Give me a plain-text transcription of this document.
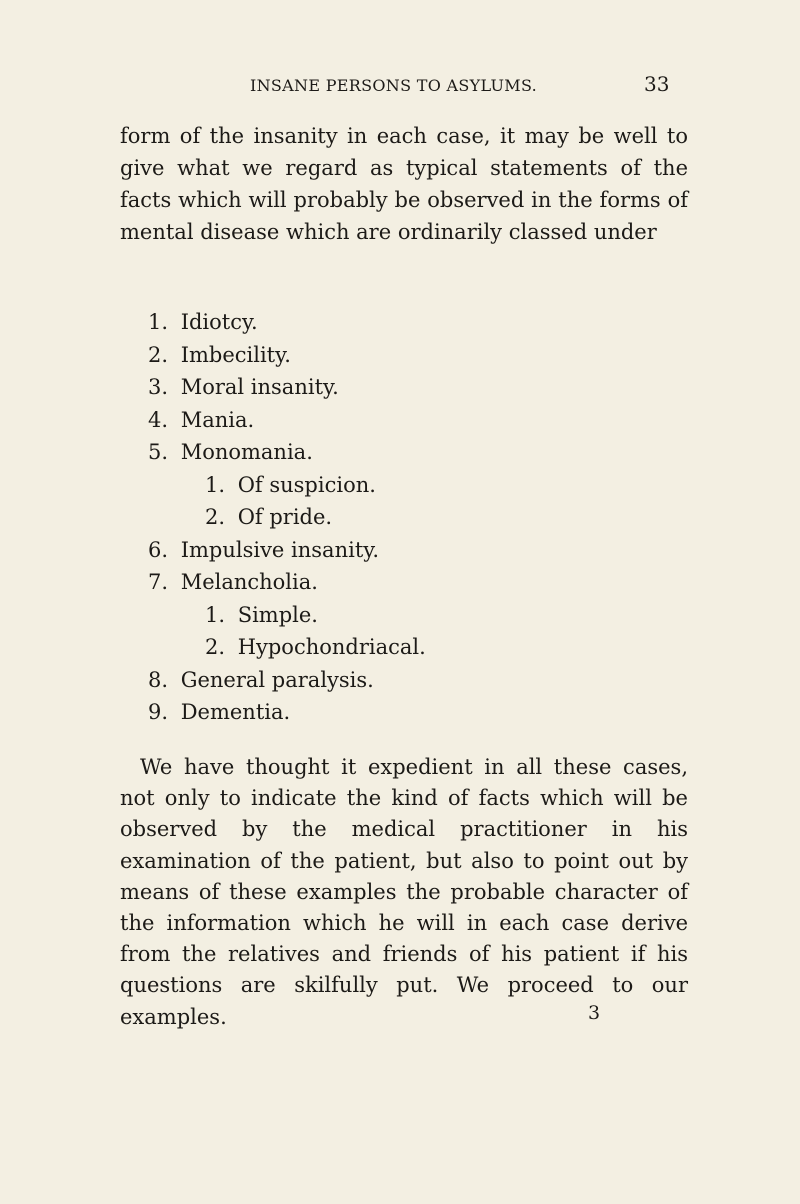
INSANE PERSONS TO ASYLUMS.	33

form of the insanity in each case, it may be well to give what we regard as typical statements of the facts which will probably be observed in the forms of mental disease which are ordinarily classed under

1. Idiotcy.
2. Imbecility.
3. Moral insanity.
4. Mania.
5. Monomania.
1. Of suspicion.
2. Of pride.
6. Impulsive insanity.
7. Melancholia.
1. Simple.
2. Hypochondriacal.
8. General paralysis.
9. Dementia.

We have thought it expedient in all these cases, not only to indicate the kind of facts which will be observed by the medical practitioner in his examination of the patient, but also to point out by means of these examples the probable character of the information which he will in each case derive from the relatives and friends of his patient if his questions are skilfully put. We proceed to our examples.	3
